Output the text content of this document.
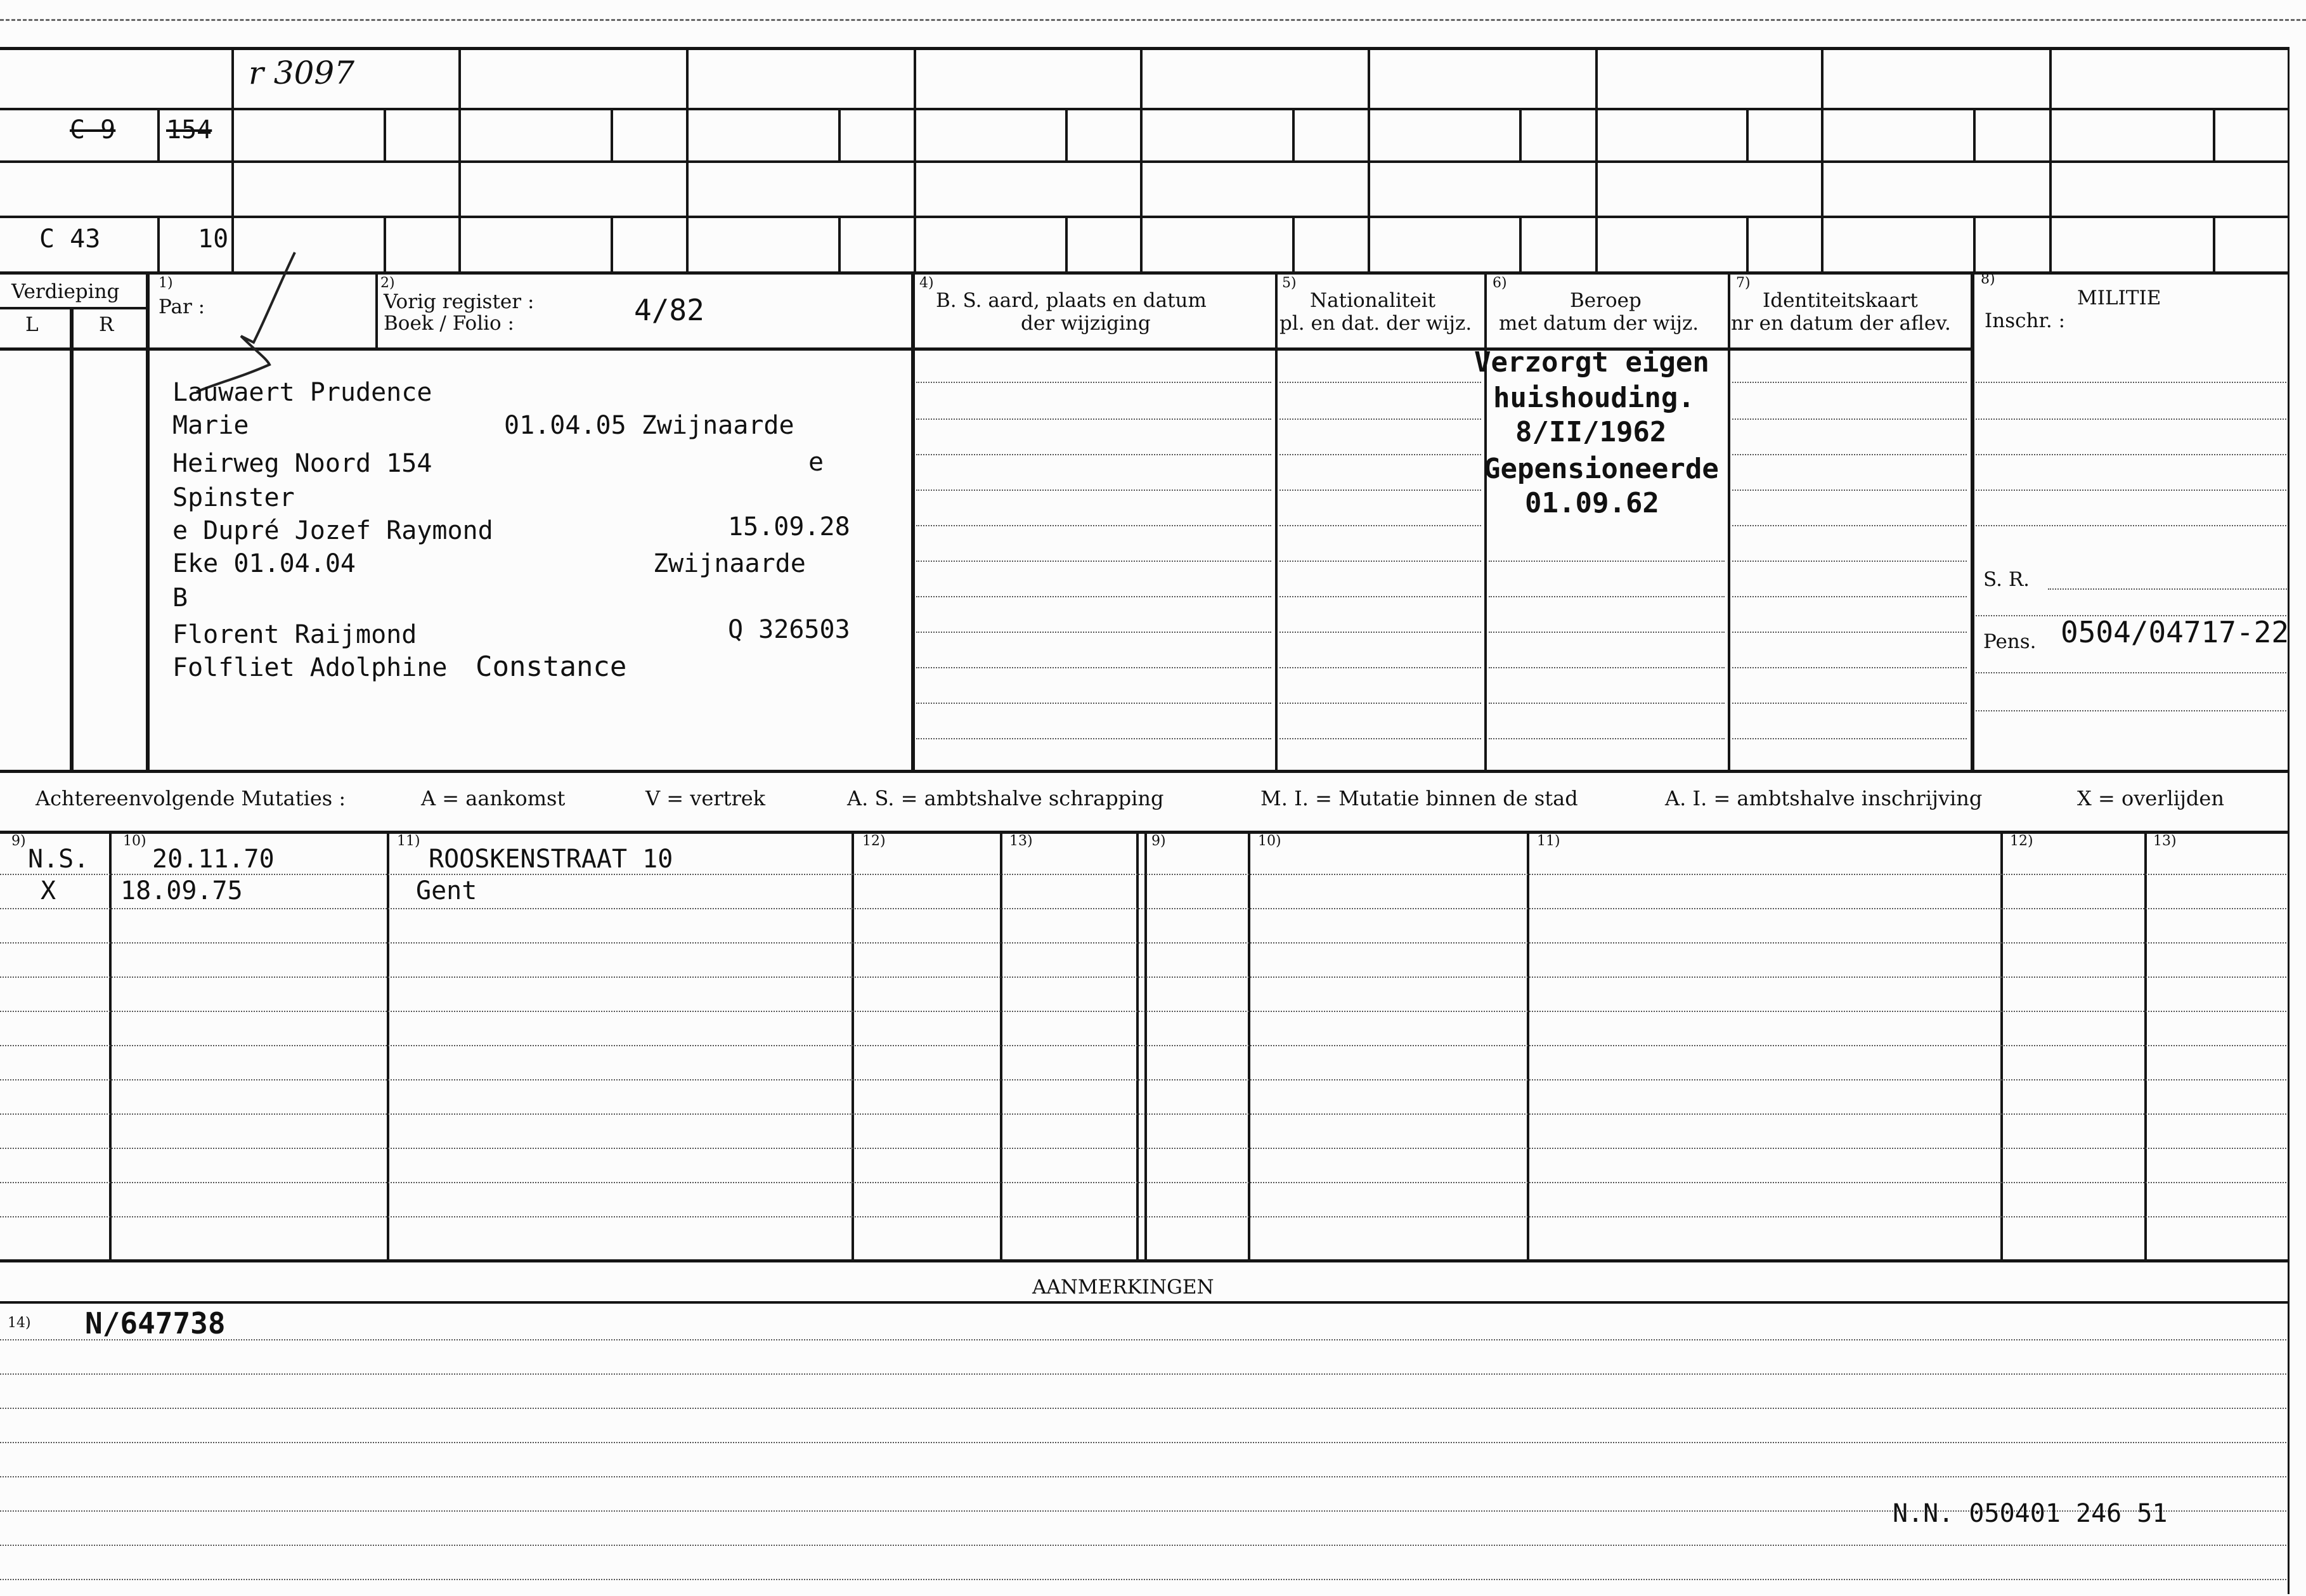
r 3097
C 9 154
C 43	10
Verdieping
L	R
1)
Par :
2)
Vorig register :
Boek / Folio :	4/82
4)
B. S. aard, plaats en datum
der wijziging
5)
Nationaliteit
pl. en dat. der wijz.
6)
Beroep
met datum der wijz.
7)
Identiteitskaart
nr en datum der aflev.
8)
MILITIE
Inschr. :
Lauwaert Prudence
Marie	01.04.05 Zwijnaarde
Heirweg Noord 154	e
Spinster
e Dupré Jozef Raymond	15.09.28
Eke 01.04.04	Zwijnaarde
B
Florent Raijmond	Q 326503
Folfliet Adolphine Constance
Verzorgt eigen
huishouding.
8/II/1962
Gepensioneerde
01.09.62
S. R.
Pens. 0504/04717-22
Achtereenvolgende Mutaties :	A = aankomst	V = vertrek	A. S. = ambtshalve schrapping	M. I. = Mutatie binnen de stad	A. I. = ambtshalve inschrijving	X = overlijden
9)	10)	11)	12)	13)	9)	10)	11)	12)	13)
N.S. 20.11.70	ROOSKENSTRAAT 10
X	18.09.75	Gent
AANMERKINGEN
14) N/647738
N.N. 050401 246 51
